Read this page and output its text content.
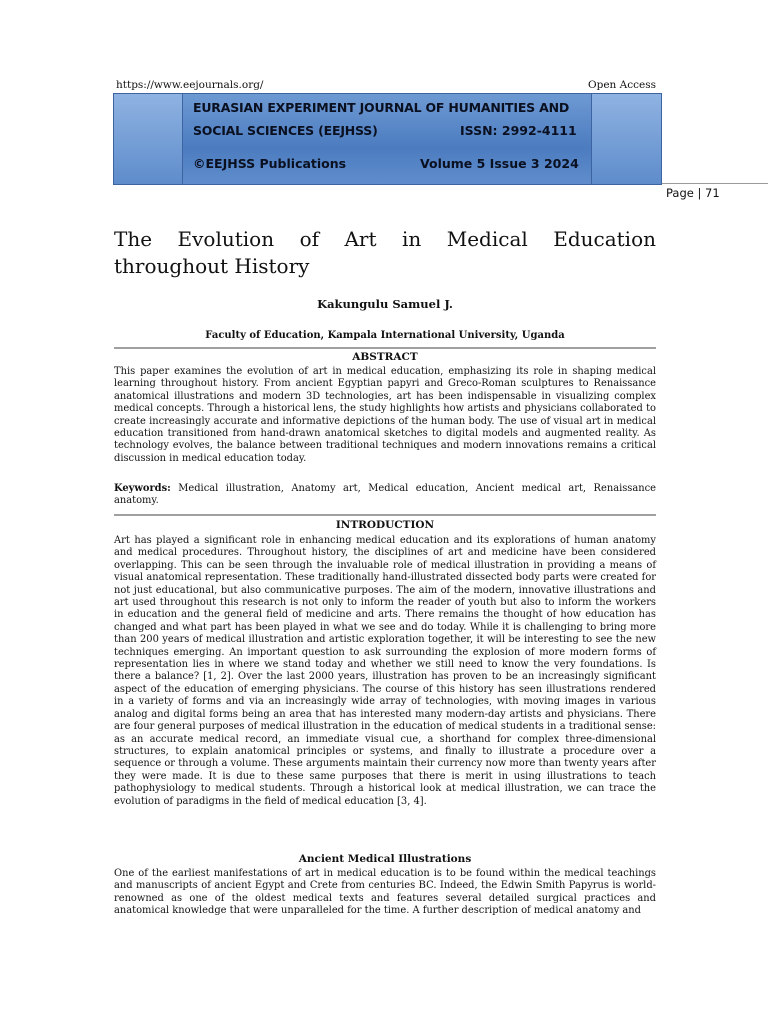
https://www.eejournals.org/	Open Access
EURASIAN EXPERIMENT JOURNAL OF HUMANITIES AND
SOCIAL SCIENCES (EEJHSS)	ISSN: 2992-4111
©EEJHSS Publications	Volume 5 Issue 3 2024
Page | 71
The Evolution of Art in Medical Education throughout History
Kakungulu Samuel J.
Faculty of Education, Kampala International University, Uganda
ABSTRACT

This paper examines the evolution of art in medical education, emphasizing its role in shaping medical learning throughout history. From ancient Egyptian papyri and Greco-Roman sculptures to Renaissance anatomical illustrations and modern 3D technologies, art has been indispensable in visualizing complex medical concepts. Through a historical lens, the study highlights how artists and physicians collaborated to create increasingly accurate and informative depictions of the human body. The use of visual art in medical education transitioned from hand-drawn anatomical sketches to digital models and augmented reality. As technology evolves, the balance between traditional techniques and modern innovations remains a critical discussion in medical education today.

Keywords: Medical illustration, Anatomy art, Medical education, Ancient medical art, Renaissance anatomy.

INTRODUCTION

Art has played a significant role in enhancing medical education and its explorations of human anatomy and medical procedures. Throughout history, the disciplines of art and medicine have been considered overlapping. This can be seen through the invaluable role of medical illustration in providing a means of visual anatomical representation. These traditionally hand-illustrated dissected body parts were created for not just educational, but also communicative purposes. The aim of the modern, innovative illustrations and art used throughout this research is not only to inform the reader of youth but also to inform the workers in education and the general field of medicine and arts. There remains the thought of how education has changed and what part has been played in what we see and do today. While it is challenging to bring more than 200 years of medical illustration and artistic exploration together, it will be interesting to see the new techniques emerging. An important question to ask surrounding the explosion of more modern forms of representation lies in where we stand today and whether we still need to know the very foundations. Is there a balance? [1, 2]. Over the last 2000 years, illustration has proven to be an increasingly significant aspect of the education of emerging physicians. The course of this history has seen illustrations rendered in a variety of forms and via an increasingly wide array of technologies, with moving images in various analog and digital forms being an area that has interested many modern-day artists and physicians. There are four general purposes of medical illustration in the education of medical students in a traditional sense: as an accurate medical record, an immediate visual cue, a shorthand for complex three-dimensional structures, to explain anatomical principles or systems, and finally to illustrate a procedure over a sequence or through a volume. These arguments maintain their currency now more than twenty years after they were made. It is due to these same purposes that there is merit in using illustrations to teach pathophysiology to medical students. Through a historical look at medical illustration, we can trace the evolution of paradigms in the field of medical education [3, 4].

Ancient Medical Illustrations

One of the earliest manifestations of art in medical education is to be found within the medical teachings and manuscripts of ancient Egypt and Crete from centuries BC. Indeed, the Edwin Smith Papyrus is world-renowned as one of the oldest medical texts and features several detailed surgical practices and anatomical knowledge that were unparalleled for the time. A further description of medical anatomy and
